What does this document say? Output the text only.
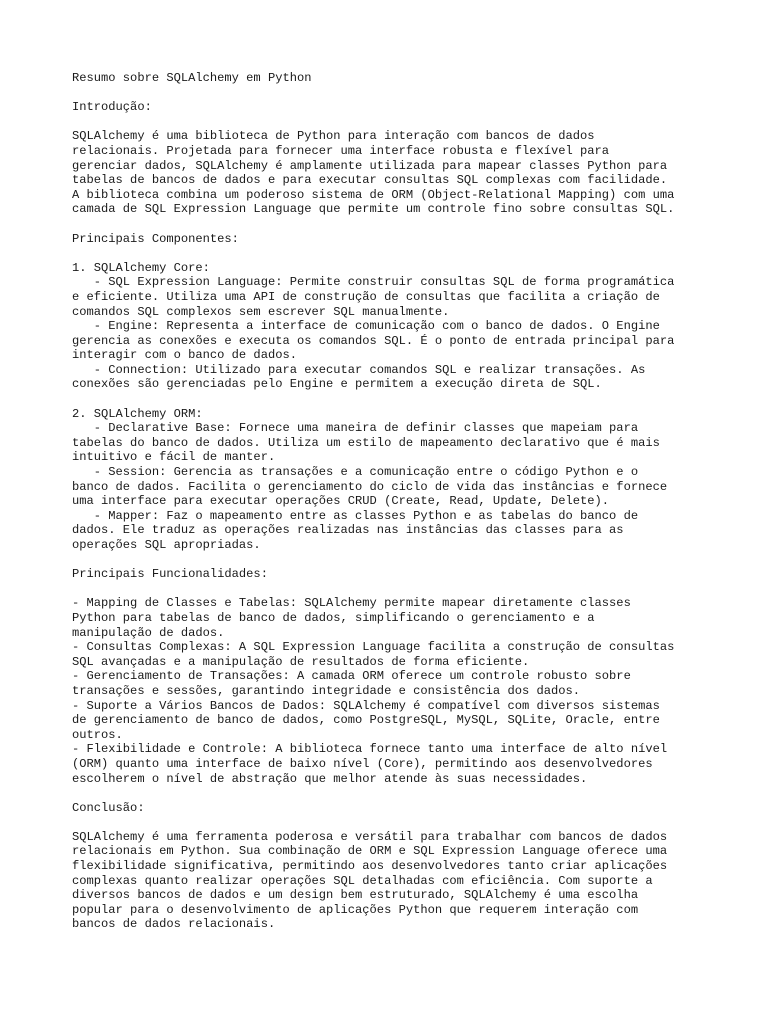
Resumo sobre SQLAlchemy em Python
Introdução:
SQLAlchemy é uma biblioteca de Python para interação com bancos de dados
relacionais. Projetada para fornecer uma interface robusta e flexível para
gerenciar dados, SQLAlchemy é amplamente utilizada para mapear classes Python para
tabelas de bancos de dados e para executar consultas SQL complexas com facilidade.
A biblioteca combina um poderoso sistema de ORM (Object-Relational Mapping) com uma
camada de SQL Expression Language que permite um controle fino sobre consultas SQL.
Principais Componentes:
1. SQLAlchemy Core:
- SQL Expression Language: Permite construir consultas SQL de forma programática
e eficiente. Utiliza uma API de construção de consultas que facilita a criação de
comandos SQL complexos sem escrever SQL manualmente.
- Engine: Representa a interface de comunicação com o banco de dados. O Engine
gerencia as conexões e executa os comandos SQL. É o ponto de entrada principal para
interagir com o banco de dados.
- Connection: Utilizado para executar comandos SQL e realizar transações. As
conexões são gerenciadas pelo Engine e permitem a execução direta de SQL.
2. SQLAlchemy ORM:
- Declarative Base: Fornece uma maneira de definir classes que mapeiam para
tabelas do banco de dados. Utiliza um estilo de mapeamento declarativo que é mais
intuitivo e fácil de manter.
- Session: Gerencia as transações e a comunicação entre o código Python e o
banco de dados. Facilita o gerenciamento do ciclo de vida das instâncias e fornece
uma interface para executar operações CRUD (Create, Read, Update, Delete).
- Mapper: Faz o mapeamento entre as classes Python e as tabelas do banco de
dados. Ele traduz as operações realizadas nas instâncias das classes para as
operações SQL apropriadas.
Principais Funcionalidades:
- Mapping de Classes e Tabelas: SQLAlchemy permite mapear diretamente classes
Python para tabelas de banco de dados, simplificando o gerenciamento e a
manipulação de dados.
- Consultas Complexas: A SQL Expression Language facilita a construção de consultas
SQL avançadas e a manipulação de resultados de forma eficiente.
- Gerenciamento de Transações: A camada ORM oferece um controle robusto sobre
transações e sessões, garantindo integridade e consistência dos dados.
- Suporte a Vários Bancos de Dados: SQLAlchemy é compatível com diversos sistemas
de gerenciamento de banco de dados, como PostgreSQL, MySQL, SQLite, Oracle, entre
outros.
- Flexibilidade e Controle: A biblioteca fornece tanto uma interface de alto nível
(ORM) quanto uma interface de baixo nível (Core), permitindo aos desenvolvedores
escolherem o nível de abstração que melhor atende às suas necessidades.
Conclusão:
SQLAlchemy é uma ferramenta poderosa e versátil para trabalhar com bancos de dados
relacionais em Python. Sua combinação de ORM e SQL Expression Language oferece uma
flexibilidade significativa, permitindo aos desenvolvedores tanto criar aplicações
complexas quanto realizar operações SQL detalhadas com eficiência. Com suporte a
diversos bancos de dados e um design bem estruturado, SQLAlchemy é uma escolha
popular para o desenvolvimento de aplicações Python que requerem interação com
bancos de dados relacionais.
